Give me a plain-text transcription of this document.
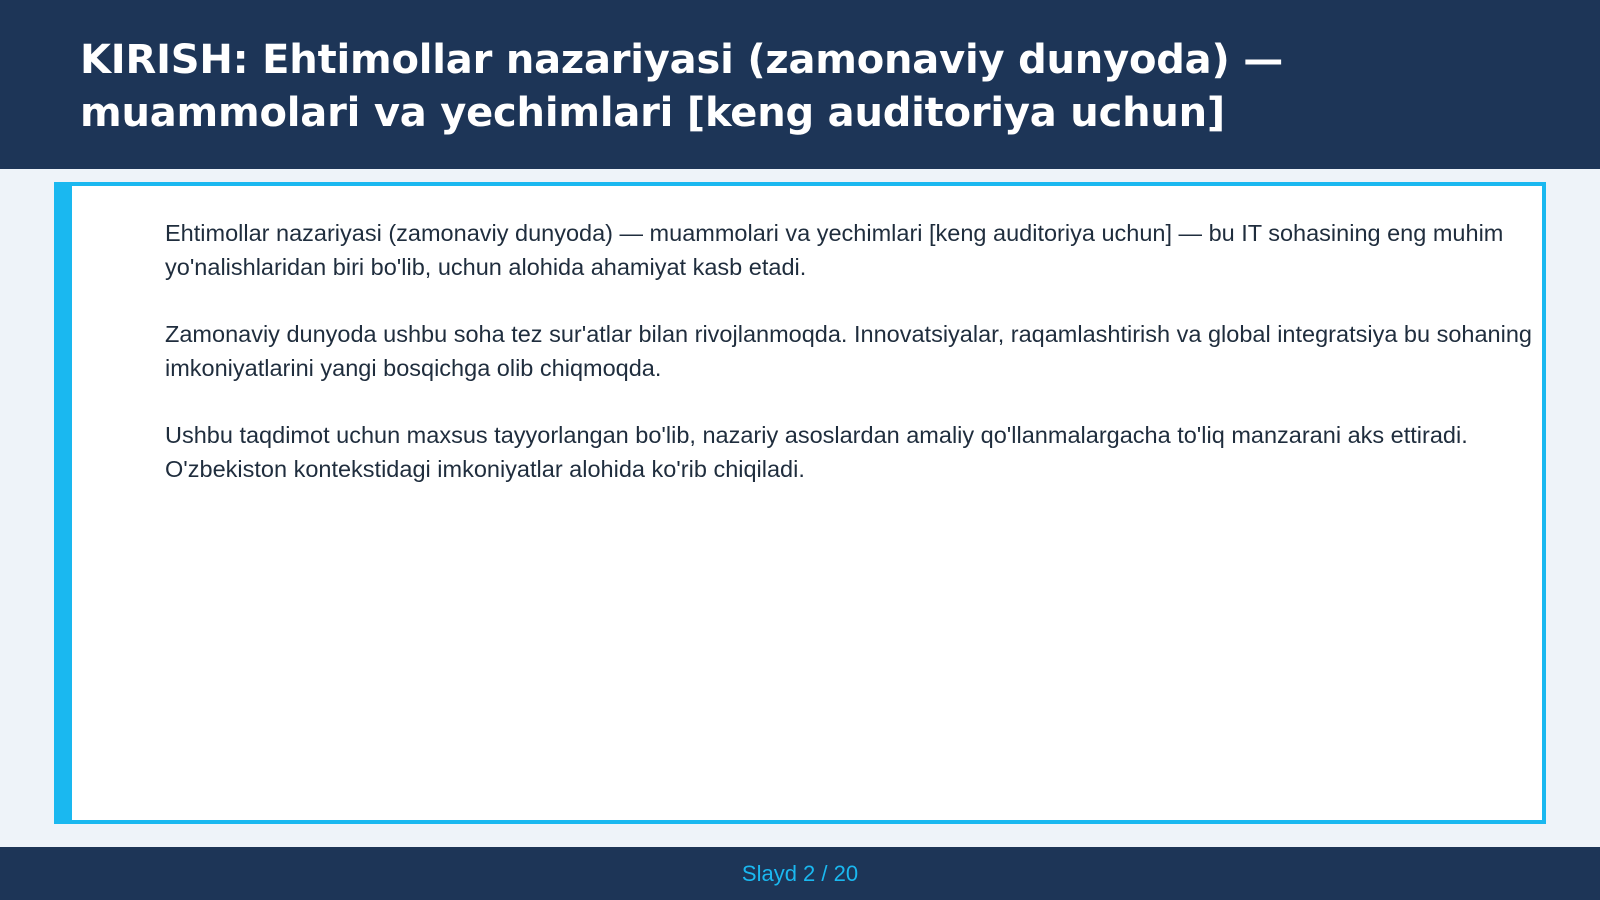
KIRISH: Ehtimollar nazariyasi (zamonaviy dunyoda) — muammolari va yechimlari [keng auditoriya uchun]

Ehtimollar nazariyasi (zamonaviy dunyoda) — muammolari va yechimlari [keng auditoriya uchun] — bu IT sohasining eng muhim yo'nalishlaridan biri bo'lib, uchun alohida ahamiyat kasb etadi.

Zamonaviy dunyoda ushbu soha tez sur'atlar bilan rivojlanmoqda. Innovatsiyalar, raqamlashtirish va global integratsiya bu sohaning imkoniyatlarini yangi bosqichga olib chiqmoqda.

Ushbu taqdimot uchun maxsus tayyorlangan bo'lib, nazariy asoslardan amaliy qo'llanmalargacha to'liq manzarani aks ettiradi. O'zbekiston kontekstidagi imkoniyatlar alohida ko'rib chiqiladi.

Slayd 2 / 20
